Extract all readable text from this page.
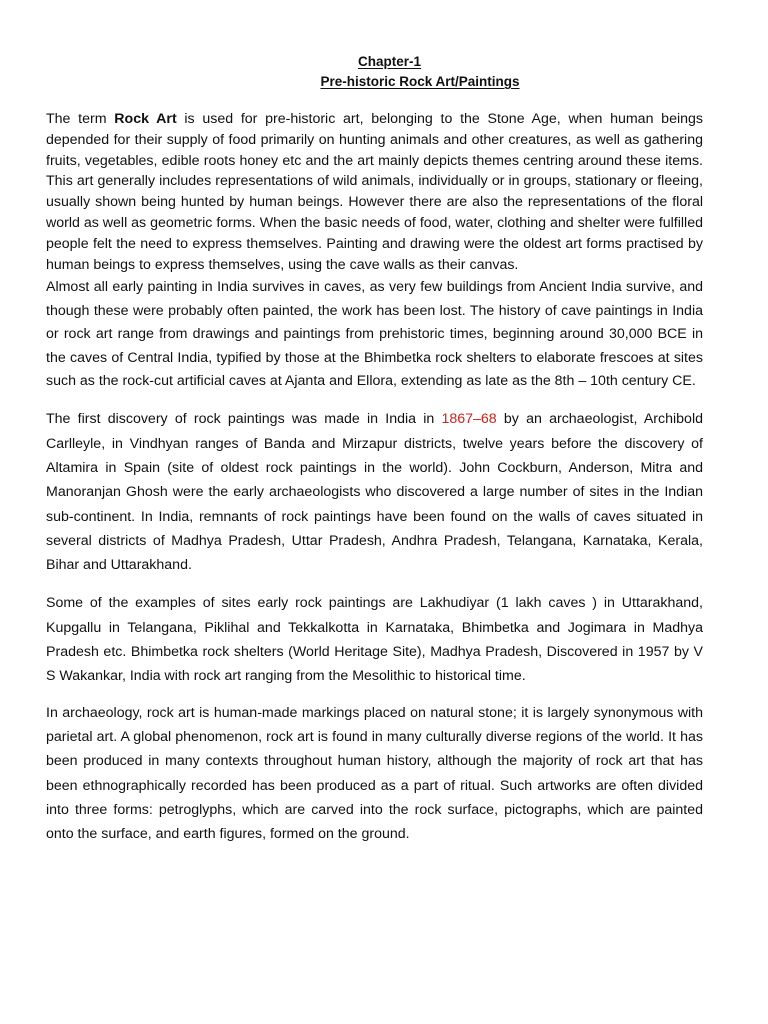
Chapter-1
Pre-historic Rock Art/Paintings

The term Rock Art is used for pre-historic art, belonging to the Stone Age, when human beings depended for their supply of food primarily on hunting animals and other creatures, as well as gathering fruits, vegetables, edible roots honey etc and the art mainly depicts themes centring around these items. This art generally includes representations of wild animals, individually or in groups, stationary or fleeing, usually shown being hunted by human beings. However there are also the representations of the floral world as well as geometric forms. When the basic needs of food, water, clothing and shelter were fulfilled people felt the need to express themselves. Painting and drawing were the oldest art forms practised by human beings to express themselves, using the cave walls as their canvas.

Almost all early painting in India survives in caves, as very few buildings from Ancient India survive, and though these were probably often painted, the work has been lost. The history of cave paintings in India or rock art range from drawings and paintings from prehistoric times, beginning around 30,000 BCE in the caves of Central India, typified by those at the Bhimbetka rock shelters to elaborate frescoes at sites such as the rock-cut artificial caves at Ajanta and Ellora, extending as late as the 8th – 10th century CE.

The first discovery of rock paintings was made in India in 1867–68 by an archaeologist, Archibold Carlleyle, in Vindhyan ranges of Banda and Mirzapur districts, twelve years before the discovery of Altamira in Spain (site of oldest rock paintings in the world). John Cockburn, Anderson, Mitra and Manoranjan Ghosh were the early archaeologists who discovered a large number of sites in the Indian sub-continent. In India, remnants of rock paintings have been found on the walls of caves situated in several districts of Madhya Pradesh, Uttar Pradesh, Andhra Pradesh, Telangana, Karnataka, Kerala, Bihar and Uttarakhand.

Some of the examples of sites early rock paintings are Lakhudiyar (1 lakh caves ) in Uttarakhand, Kupgallu in Telangana, Piklihal and Tekkalkotta in Karnataka, Bhimbetka and Jogimara in Madhya Pradesh etc. Bhimbetka rock shelters (World Heritage Site), Madhya Pradesh, Discovered in 1957 by V S Wakankar, India with rock art ranging from the Mesolithic to historical time.

In archaeology, rock art is human-made markings placed on natural stone; it is largely synonymous with parietal art. A global phenomenon, rock art is found in many culturally diverse regions of the world. It has been produced in many contexts throughout human history, although the majority of rock art that has been ethnographically recorded has been produced as a part of ritual. Such artworks are often divided into three forms: petroglyphs, which are carved into the rock surface, pictographs, which are painted onto the surface, and earth figures, formed on the ground.
